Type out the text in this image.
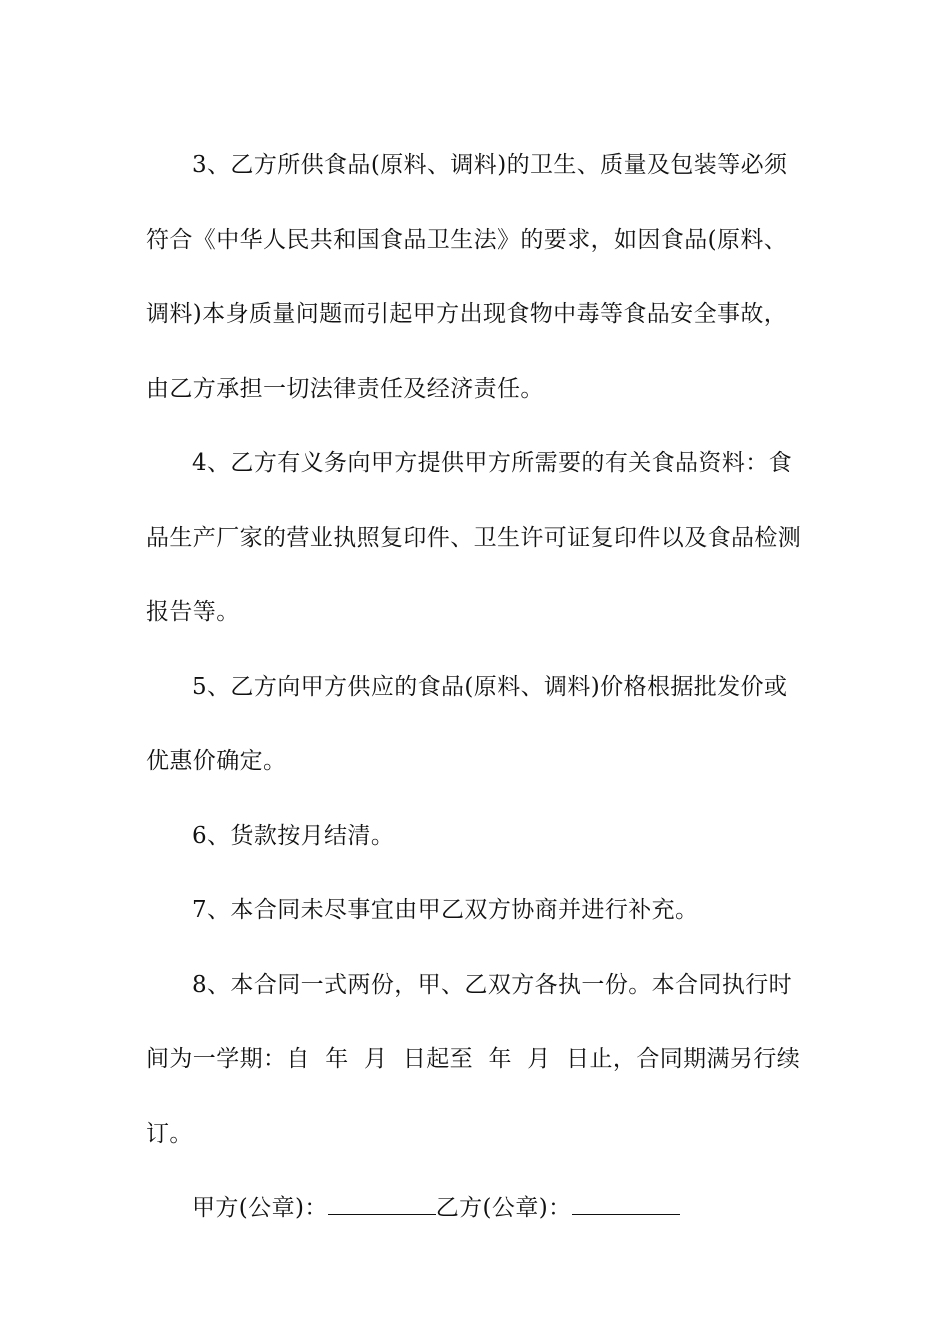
3、乙方所供食品(原料、调料)的卫生、质量及包装等必须符合《中华人民共和国食品卫生法》的要求，如因食品(原料、调料)本身质量问题而引起甲方出现食物中毒等食品安全事故，由乙方承担一切法律责任及经济责任。

4、乙方有义务向甲方提供甲方所需要的有关食品资料：食品生产厂家的营业执照复印件、卫生许可证复印件以及食品检测报告等。

5、乙方向甲方供应的食品(原料、调料)价格根据批发价或优惠价确定。

6、货款按月结清。

7、本合同未尽事宜由甲乙双方协商并进行补充。

8、本合同一式两份，甲、乙双方各执一份。本合同执行时间为一学期：自  年  月  日起至  年  月  日止，合同期满另行续订。

甲方(公章)：	乙方(公章)：
